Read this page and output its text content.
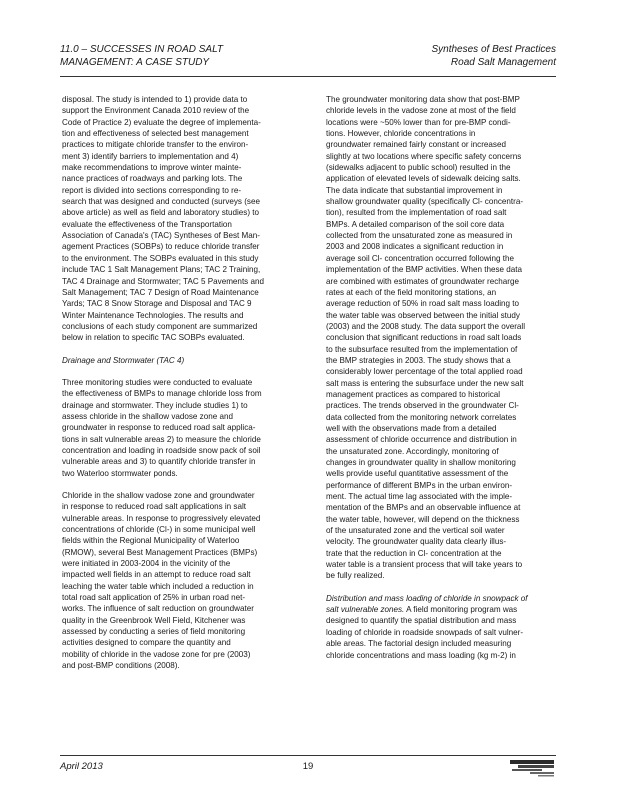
11.0 – SUCCESSES IN ROAD SALT
MANAGEMENT: A CASE STUDY
Syntheses of Best Practices
Road Salt Management

disposal. The study is intended to 1) provide data to
support the Environment Canada 2010 review of the
Code of Practice 2) evaluate the degree of implementa-
tion and effectiveness of selected best management
practices to mitigate chloride transfer to the environ-
ment 3) identify barriers to implementation and 4)
make recommendations to improve winter mainte-
nance practices of roadways and parking lots. The
report is divided into sections corresponding to re-
search that was designed and conducted (surveys (see
above article) as well as field and laboratory studies) to
evaluate the effectiveness of the Transportation
Association of Canada's (TAC) Syntheses of Best Man-
agement Practices (SOBPs) to reduce chloride transfer
to the environment. The SOBPs evaluated in this study
include TAC 1 Salt Management Plans; TAC 2 Training,
TAC 4 Drainage and Stormwater; TAC 5 Pavements and
Salt Management; TAC 7 Design of Road Maintenance
Yards; TAC 8 Snow Storage and Disposal and TAC 9
Winter Maintenance Technologies. The results and
conclusions of each study component are summarized
below in relation to specific TAC SOBPs evaluated.

Drainage and Stormwater (TAC 4)

Three monitoring studies were conducted to evaluate
the effectiveness of BMPs to manage chloride loss from
drainage and stormwater. They include studies 1) to
assess chloride in the shallow vadose zone and
groundwater in response to reduced road salt applica-
tions in salt vulnerable areas 2) to measure the chloride
concentration and loading in roadside snow pack of soil
vulnerable areas and 3) to quantify chloride transfer in
two Waterloo stormwater ponds.

Chloride in the shallow vadose zone and groundwater
in response to reduced road salt applications in salt
vulnerable areas. In response to progressively elevated
concentrations of chloride (Cl-) in some municipal well
fields within the Regional Municipality of Waterloo
(RMOW), several Best Management Practices (BMPs)
were initiated in 2003-2004 in the vicinity of the
impacted well fields in an attempt to reduce road salt
leaching the water table which included a reduction in
total road salt application of 25% in urban road net-
works. The influence of salt reduction on groundwater
quality in the Greenbrook Well Field, Kitchener was
assessed by conducting a series of field monitoring
activities designed to compare the quantity and
mobility of chloride in the vadose zone for pre (2003)
and post-BMP conditions (2008).

The groundwater monitoring data show that post-BMP
chloride levels in the vadose zone at most of the field
locations were ~50% lower than for pre-BMP condi-
tions. However, chloride concentrations in
groundwater remained fairly constant or increased
slightly at two locations where specific safety concerns
(sidewalks adjacent to public school) resulted in the
application of elevated levels of sidewalk deicing salts.
The data indicate that substantial improvement in
shallow groundwater quality (specifically Cl- concentra-
tion), resulted from the implementation of road salt
BMPs. A detailed comparison of the soil core data
collected from the unsaturated zone as measured in
2003 and 2008 indicates a significant reduction in
average soil Cl- concentration occurred following the
implementation of the BMP activities. When these data
are combined with estimates of groundwater recharge
rates at each of the field monitoring stations, an
average reduction of 50% in road salt mass loading to
the water table was observed between the initial study
(2003) and the 2008 study. The data support the overall
conclusion that significant reductions in road salt loads
to the subsurface resulted from the implementation of
the BMP strategies in 2003. The study shows that a
considerably lower percentage of the total applied road
salt mass is entering the subsurface under the new salt
management practices as compared to historical
practices. The trends observed in the groundwater Cl-
data collected from the monitoring network correlates
well with the observations made from a detailed
assessment of chloride occurrence and distribution in
the unsaturated zone. Accordingly, monitoring of
changes in groundwater quality in shallow monitoring
wells provide useful quantitative assessment of the
performance of different BMPs in the urban environ-
ment. The actual time lag associated with the imple-
mentation of the BMPs and an observable influence at
the water table, however, will depend on the thickness
of the unsaturated zone and the vertical soil water
velocity. The groundwater quality data clearly illus-
trate that the reduction in Cl- concentration at the
water table is a transient process that will take years to
be fully realized.

Distribution and mass loading of chloride in snowpack of
salt vulnerable zones. A field monitoring program was
designed to quantify the spatial distribution and mass
loading of chloride in roadside snowpads of salt vulner-
able areas. The factorial design included measuring
chloride concentrations and mass loading (kg m-2) in

April 2013	19
